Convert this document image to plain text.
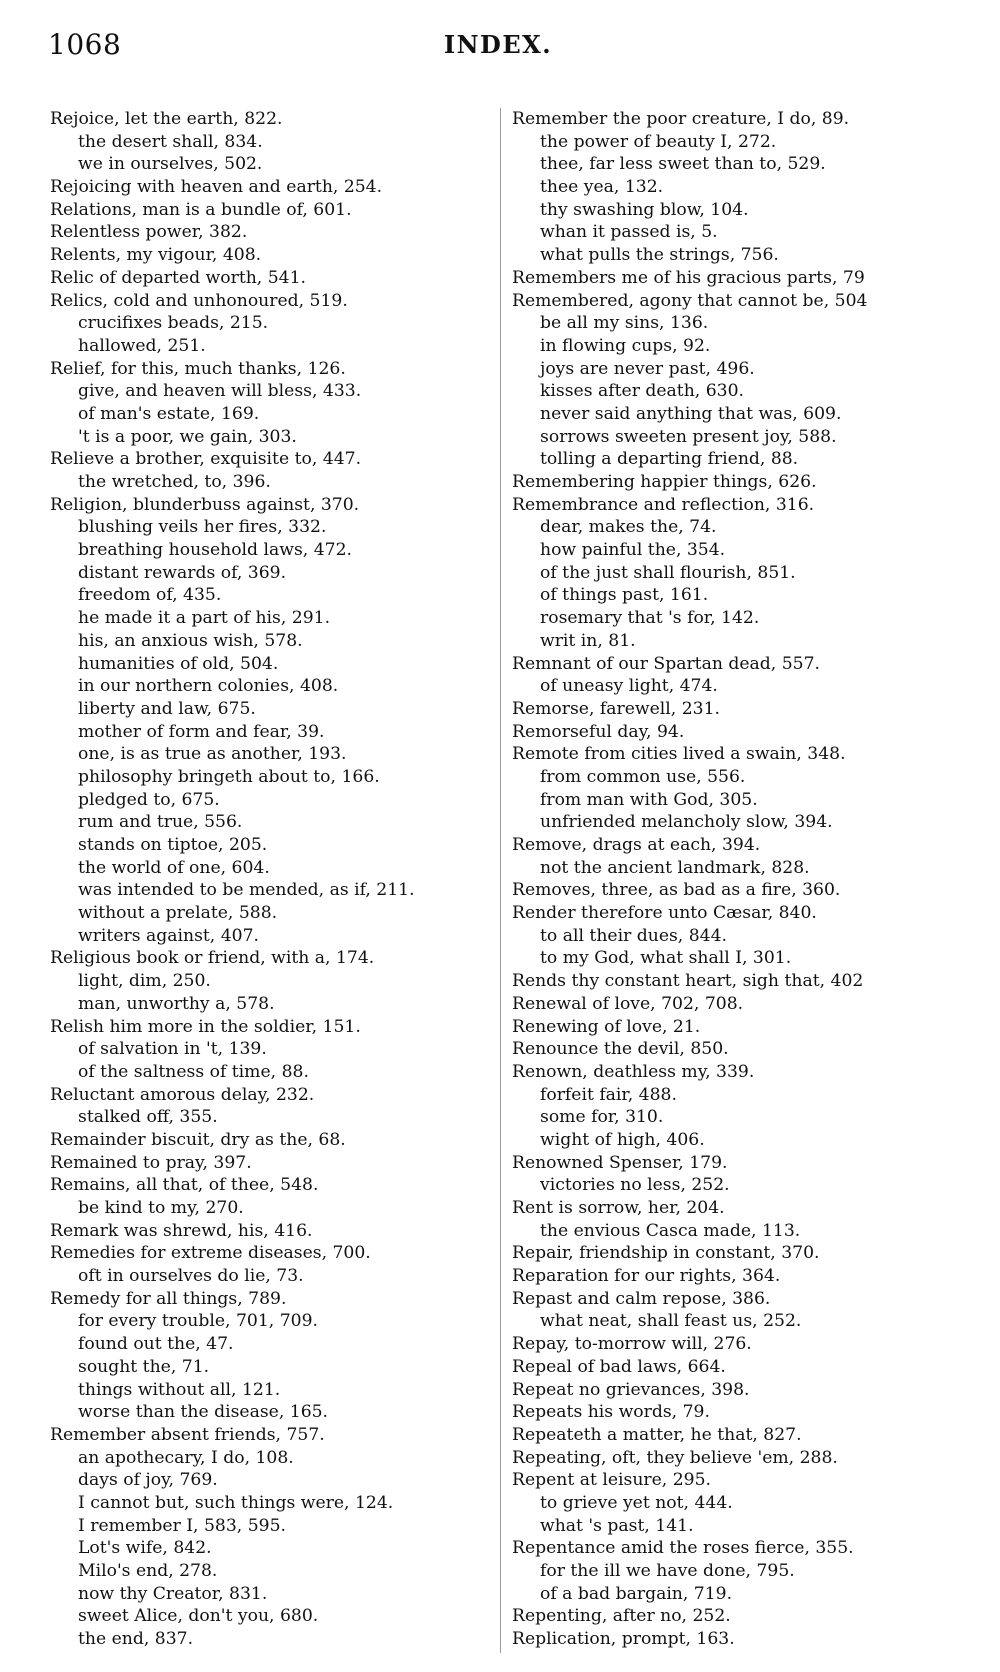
1068	INDEX.
Rejoice, let the earth, 822.
the desert shall, 834.
we in ourselves, 502.
Rejoicing with heaven and earth, 254.
Relations, man is a bundle of, 601.
Relentless power, 382.
Relents, my vigour, 408.
Relic of departed worth, 541.
Relics, cold and unhonoured, 519.
crucifixes beads, 215.
hallowed, 251.
Relief, for this, much thanks, 126.
give, and heaven will bless, 433.
of man's estate, 169.
't is a poor, we gain, 303.
Relieve a brother, exquisite to, 447.
the wretched, to, 396.
Religion, blunderbuss against, 370.
blushing veils her fires, 332.
breathing household laws, 472.
distant rewards of, 369.
freedom of, 435.
he made it a part of his, 291.
his, an anxious wish, 578.
humanities of old, 504.
in our northern colonies, 408.
liberty and law, 675.
mother of form and fear, 39.
one, is as true as another, 193.
philosophy bringeth about to, 166.
pledged to, 675.
rum and true, 556.
stands on tiptoe, 205.
the world of one, 604.
was intended to be mended, as if, 211.
without a prelate, 588.
writers against, 407.
Religious book or friend, with a, 174.
light, dim, 250.
man, unworthy a, 578.
Relish him more in the soldier, 151.
of salvation in 't, 139.
of the saltness of time, 88.
Reluctant amorous delay, 232.
stalked off, 355.
Remainder biscuit, dry as the, 68.
Remained to pray, 397.
Remains, all that, of thee, 548.
be kind to my, 270.
Remark was shrewd, his, 416.
Remedies for extreme diseases, 700.
oft in ourselves do lie, 73.
Remedy for all things, 789.
for every trouble, 701, 709.
found out the, 47.
sought the, 71.
things without all, 121.
worse than the disease, 165.
Remember absent friends, 757.
an apothecary, I do, 108.
days of joy, 769.
I cannot but, such things were, 124.
I remember I, 583, 595.
Lot's wife, 842.
Milo's end, 278.
now thy Creator, 831.
sweet Alice, don't you, 680.
the end, 837.
Remember the poor creature, I do, 89.
the power of beauty I, 272.
thee, far less sweet than to, 529.
thee yea, 132.
thy swashing blow, 104.
whan it passed is, 5.
what pulls the strings, 756.
Remembers me of his gracious parts, 79
Remembered, agony that cannot be, 504
be all my sins, 136.
in flowing cups, 92.
joys are never past, 496.
kisses after death, 630.
never said anything that was, 609.
sorrows sweeten present joy, 588.
tolling a departing friend, 88.
Remembering happier things, 626.
Remembrance and reflection, 316.
dear, makes the, 74.
how painful the, 354.
of the just shall flourish, 851.
of things past, 161.
rosemary that 's for, 142.
writ in, 81.
Remnant of our Spartan dead, 557.
of uneasy light, 474.
Remorse, farewell, 231.
Remorseful day, 94.
Remote from cities lived a swain, 348.
from common use, 556.
from man with God, 305.
unfriended melancholy slow, 394.
Remove, drags at each, 394.
not the ancient landmark, 828.
Removes, three, as bad as a fire, 360.
Render therefore unto Cæsar, 840.
to all their dues, 844.
to my God, what shall I, 301.
Rends thy constant heart, sigh that, 402
Renewal of love, 702, 708.
Renewing of love, 21.
Renounce the devil, 850.
Renown, deathless my, 339.
forfeit fair, 488.
some for, 310.
wight of high, 406.
Renowned Spenser, 179.
victories no less, 252.
Rent is sorrow, her, 204.
the envious Casca made, 113.
Repair, friendship in constant, 370.
Reparation for our rights, 364.
Repast and calm repose, 386.
what neat, shall feast us, 252.
Repay, to-morrow will, 276.
Repeal of bad laws, 664.
Repeat no grievances, 398.
Repeats his words, 79.
Repeateth a matter, he that, 827.
Repeating, oft, they believe 'em, 288.
Repent at leisure, 295.
to grieve yet not, 444.
what 's past, 141.
Repentance amid the roses fierce, 355.
for the ill we have done, 795.
of a bad bargain, 719.
Repenting, after no, 252.
Replication, prompt, 163.
